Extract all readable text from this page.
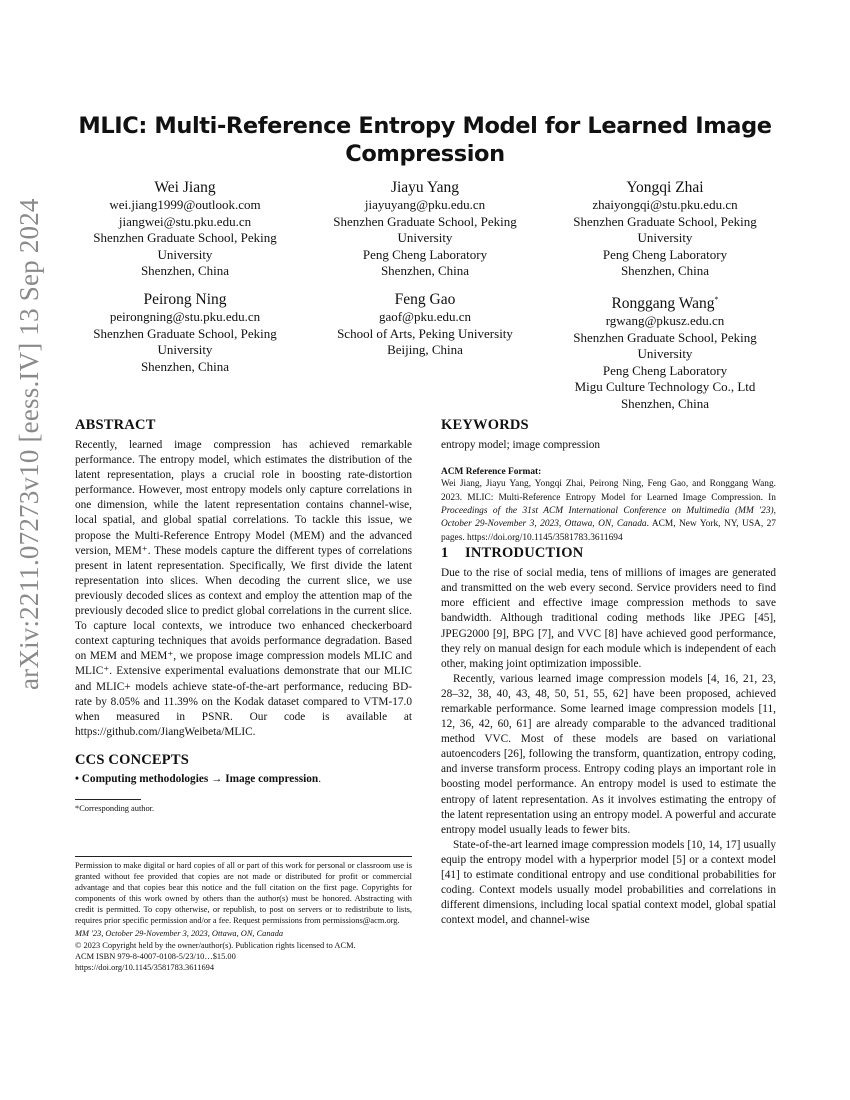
arXiv:2211.07273v10 [eess.IV] 13 Sep 2024
MLIC: Multi-Reference Entropy Model for Learned Image Compression
Wei Jiang
wei.jiang1999@outlook.com
jiangwei@stu.pku.edu.cn
Shenzhen Graduate School, Peking
University
Shenzhen, China
Jiayu Yang
jiayuyang@pku.edu.cn
Shenzhen Graduate School, Peking
University
Peng Cheng Laboratory
Shenzhen, China
Yongqi Zhai
zhaiyongqi@stu.pku.edu.cn
Shenzhen Graduate School, Peking
University
Peng Cheng Laboratory
Shenzhen, China
Peirong Ning
peirongning@stu.pku.edu.cn
Shenzhen Graduate School, Peking
University
Shenzhen, China
Feng Gao
gaof@pku.edu.cn
School of Arts, Peking University
Beijing, China
Ronggang Wang*
rgwang@pkusz.edu.cn
Shenzhen Graduate School, Peking
University
Peng Cheng Laboratory
Migu Culture Technology Co., Ltd
Shenzhen, China
ABSTRACT

Recently, learned image compression has achieved remarkable performance. The entropy model, which estimates the distribution of the latent representation, plays a crucial role in boosting rate-distortion performance. However, most entropy models only capture correlations in one dimension, while the latent representation contains channel-wise, local spatial, and global spatial correlations. To tackle this issue, we propose the Multi-Reference Entropy Model (MEM) and the advanced version, MEM⁺. These models capture the different types of correlations present in latent representation. Specifically, We first divide the latent representation into slices. When decoding the current slice, we use previously decoded slices as context and employ the attention map of the previously decoded slice to predict global correlations in the current slice. To capture local contexts, we introduce two enhanced checkerboard context capturing techniques that avoids performance degradation. Based on MEM and MEM⁺, we propose image compression models MLIC and MLIC⁺. Extensive experimental evaluations demonstrate that our MLIC and MLIC+ models achieve state-of-the-art performance, reducing BD-rate by 8.05% and 11.39% on the Kodak dataset compared to VTM-17.0 when measured in PSNR. Our code is available at https://github.com/JiangWeibeta/MLIC.

CCS CONCEPTS
• Computing methodologies → Image compression.
*Corresponding author.
Permission to make digital or hard copies of all or part of this work for personal or classroom use is granted without fee provided that copies are not made or distributed for profit or commercial advantage and that copies bear this notice and the full citation on the first page. Copyrights for components of this work owned by others than the author(s) must be honored. Abstracting with credit is permitted. To copy otherwise, or republish, to post on servers or to redistribute to lists, requires prior specific permission and/or a fee. Request permissions from permissions@acm.org.
MM '23, October 29-November 3, 2023, Ottawa, ON, Canada
© 2023 Copyright held by the owner/author(s). Publication rights licensed to ACM.
ACM ISBN 979-8-4007-0108-5/23/10…$15.00
https://doi.org/10.1145/3581783.3611694
KEYWORDS

entropy model; image compression

ACM Reference Format:
Wei Jiang, Jiayu Yang, Yongqi Zhai, Peirong Ning, Feng Gao, and Ronggang Wang. 2023. MLIC: Multi-Reference Entropy Model for Learned Image Compression. In Proceedings of the 31st ACM International Conference on Multimedia (MM '23), October 29-November 3, 2023, Ottawa, ON, Canada. ACM, New York, NY, USA, 27 pages. https://doi.org/10.1145/3581783.3611694
1 INTRODUCTION

Due to the rise of social media, tens of millions of images are generated and transmitted on the web every second. Service providers need to find more efficient and effective image compression methods to save bandwidth. Although traditional coding methods like JPEG [45], JPEG2000 [9], BPG [7], and VVC [8] have achieved good performance, they rely on manual design for each module which is independent of each other, making joint optimization impossible.

Recently, various learned image compression models [4, 16, 21, 23, 28–32, 38, 40, 43, 48, 50, 51, 55, 62] have been proposed, achieved remarkable performance. Some learned image compression models [11, 12, 36, 42, 60, 61] are already comparable to the advanced traditional method VVC. Most of these models are based on variational autoencoders [26], following the transform, quantization, entropy coding, and inverse transform process. Entropy coding plays an important role in boosting model performance. An entropy model is used to estimate the entropy of latent representation. As it involves estimating the entropy of the latent representation using an entropy model. A powerful and accurate entropy model usually leads to fewer bits.

State-of-the-art learned image compression models [10, 14, 17] usually equip the entropy model with a hyperprior model [5] or a context model [41] to estimate conditional entropy and use conditional probabilities for coding. Context models usually model probabilities and correlations in different dimensions, including local spatial context model, global spatial context model, and channel-wise
